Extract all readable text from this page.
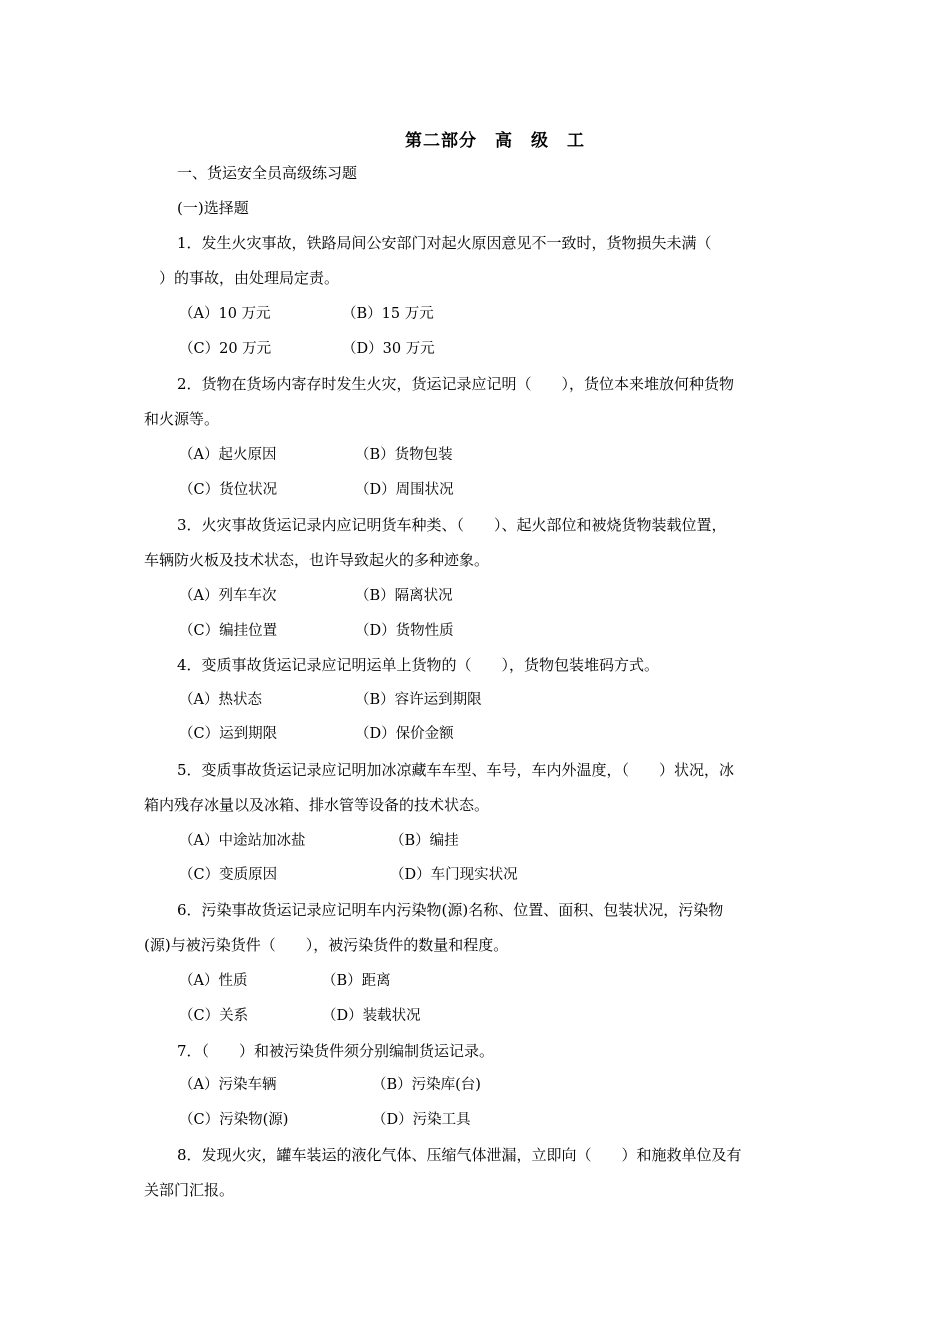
第二部分　高　级　工
一、货运安全员高级练习题
(一)选择题
1．发生火灾事故，铁路局间公安部门对起火原因意见不一致时，货物损失未满（
　）的事故，由处理局定责。
（A）10 万元	（B）15 万元
（C）20 万元	（D）30 万元
2．货物在货场内寄存时发生火灾，货运记录应记明（　　），货位本来堆放何种货物
和火源等。
（A）起火原因	（B）货物包装
（C）货位状况	（D）周围状况
3．火灾事故货运记录内应记明货车种类、（　　）、起火部位和被烧货物装载位置，
车辆防火板及技术状态，也许导致起火的多种迹象。
（A）列车车次	（B）隔离状况
（C）编挂位置	（D）货物性质
4．变质事故货运记录应记明运单上货物的（　　），货物包装堆码方式。
（A）热状态	（B）容许运到期限
（C）运到期限	（D）保价金额
5．变质事故货运记录应记明加冰凉藏车车型、车号，车内外温度，（　　）状况，冰
箱内残存冰量以及冰箱、排水管等设备的技术状态。
（A）中途站加冰盐	（B）编挂
（C）变质原因	（D）车门现实状况
6．污染事故货运记录应记明车内污染物(源)名称、位置、面积、包装状况，污染物
(源)与被污染货件（　　），被污染货件的数量和程度。
（A）性质	（B）距离
（C）关系	（D）装载状况
7．（　　）和被污染货件须分别编制货运记录。
（A）污染车辆	（B）污染库(台)
（C）污染物(源)	（D）污染工具
8．发现火灾，罐车装运的液化气体、压缩气体泄漏，立即向（　　）和施救单位及有
关部门汇报。
